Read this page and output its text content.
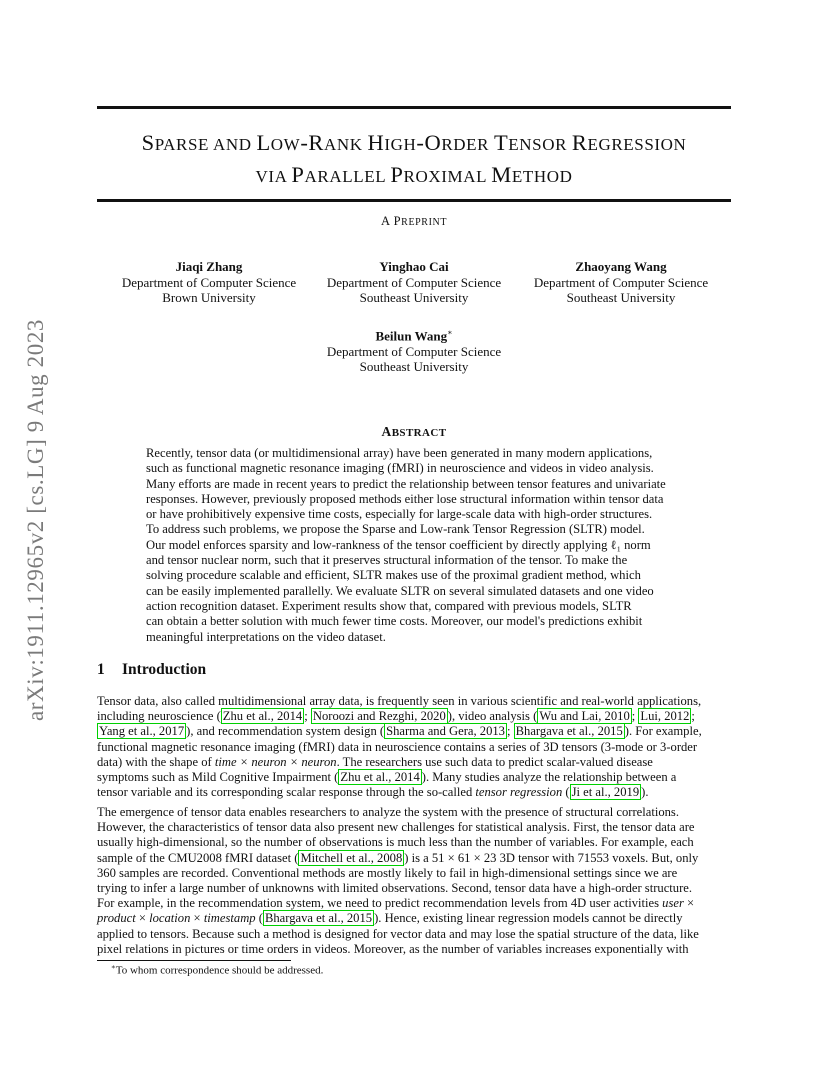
arXiv:1911.12965v2 [cs.LG] 9 Aug 2023
SPARSE AND LOW-RANK HIGH-ORDER TENSOR REGRESSION
VIA PARALLEL PROXIMAL METHOD
A PREPRINT
Jiaqi Zhang
Department of Computer Science
Brown University
Yinghao Cai
Department of Computer Science
Southeast University
Zhaoyang Wang
Department of Computer Science
Southeast University
Beilun Wang∗
Department of Computer Science
Southeast University
ABSTRACT
Recently, tensor data (or multidimensional array) have been generated in many modern applications,
such as functional magnetic resonance imaging (fMRI) in neuroscience and videos in video analysis.
Many efforts are made in recent years to predict the relationship between tensor features and univariate
responses. However, previously proposed methods either lose structural information within tensor data
or have prohibitively expensive time costs, especially for large-scale data with high-order structures.
To address such problems, we propose the Sparse and Low-rank Tensor Regression (SLTR) model.
Our model enforces sparsity and low-rankness of the tensor coefficient by directly applying ℓ₁ norm
and tensor nuclear norm, such that it preserves structural information of the tensor. To make the
solving procedure scalable and efficient, SLTR makes use of the proximal gradient method, which
can be easily implemented parallelly. We evaluate SLTR on several simulated datasets and one video
action recognition dataset. Experiment results show that, compared with previous models, SLTR
can obtain a better solution with much fewer time costs. Moreover, our model's predictions exhibit
meaningful interpretations on the video dataset.
1 Introduction
Tensor data, also called multidimensional array data, is frequently seen in various scientific and real-world applications,
including neuroscience ( Zhu et al., 2014 ; Noroozi and Rezghi, 2020 ), video analysis ( Wu and Lai, 2010 ; Lui, 2012 ;
Yang et al., 2017 ), and recommendation system design ( Sharma and Gera, 2013 ; Bhargava et al., 2015 ). For example,
functional magnetic resonance imaging (fMRI) data in neuroscience contains a series of 3D tensors (3-mode or 3-order
data) with the shape of time × neuron × neuron. The researchers use such data to predict scalar-valued disease
symptoms such as Mild Cognitive Impairment ( Zhu et al., 2014 ). Many studies analyze the relationship between a
tensor variable and its corresponding scalar response through the so-called tensor regression ( Ji et al., 2019 ).
The emergence of tensor data enables researchers to analyze the system with the presence of structural correlations.
However, the characteristics of tensor data also present new challenges for statistical analysis. First, the tensor data are
usually high-dimensional, so the number of observations is much less than the number of variables. For example, each
sample of the CMU2008 fMRI dataset ( Mitchell et al., 2008 ) is a 51 × 61 × 23 3D tensor with 71553 voxels. But, only
360 samples are recorded. Conventional methods are mostly likely to fail in high-dimensional settings since we are
trying to infer a large number of unknowns with limited observations. Second, tensor data have a high-order structure.
For example, in the recommendation system, we need to predict recommendation levels from 4D user activities user ×
product × location × timestamp ( Bhargava et al., 2015 ). Hence, existing linear regression models cannot be directly
applied to tensors. Because such a method is designed for vector data and may lose the spatial structure of the data, like
pixel relations in pictures or time orders in videos. Moreover, as the number of variables increases exponentially with
∗To whom correspondence should be addressed.
